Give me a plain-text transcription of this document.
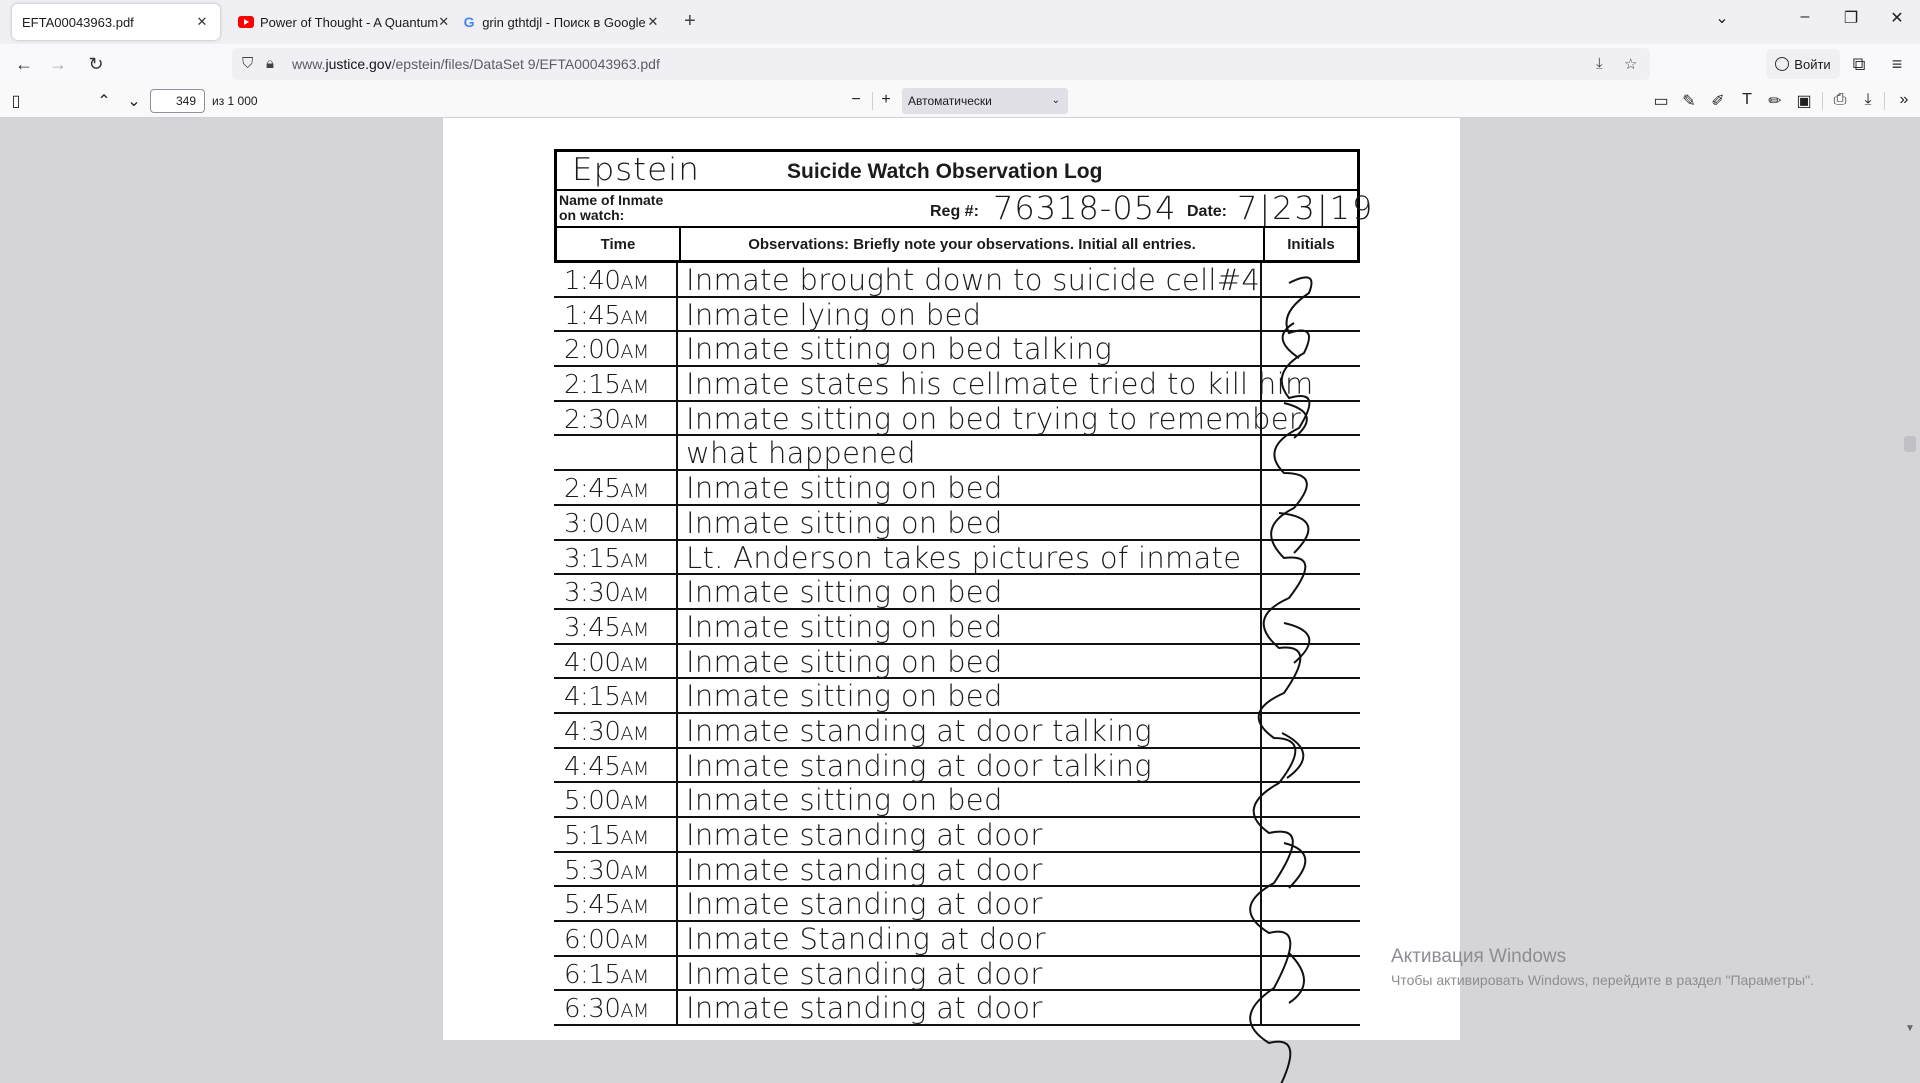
EFTA00043963.pdf	✕	Power of Thought - A Quantum ✕ G grin gthtdjl - Поиск в Google ✕ +	⌄	–	❐	✕
← → ↻	⛉ 🔒︎ www.justice.gov/epstein/files/DataSet 9/EFTA00043963.pdf	⤓ ☆	Войти	⧉	≡
▯	⌃ ⌄	349	из 1 000	−	+	Автоматически	⌄	▭ ✎ ✐	T	✏ ▣ ⎙	⤓	»
Epstein	Suicide Watch Observation Log
Name of Inmate on watch:	Reg #: 76318-054 Date: 7|23|19
Time	Observations: Briefly note your observations. Initial all entries.	Initials
1:40AM	Inmate brought down to suicide cell#4
1:45AM	Inmate lying on bed
2:00AM	Inmate sitting on bed talking
2:15AM	Inmate states his cellmate tried to kill him
2:30AM	Inmate sitting on bed trying to remember
what happened
2:45AM	Inmate sitting on bed
3:00AM	Inmate sitting on bed
3:15AM	Lt. Anderson takes pictures of inmate
3:30AM	Inmate sitting on bed
3:45AM	Inmate sitting on bed
4:00AM	Inmate sitting on bed
4:15AM	Inmate sitting on bed
4:30AM	Inmate standing at door talking
4:45AM	Inmate standing at door talking
5:00AM	Inmate sitting on bed
5:15AM	Inmate standing at door
5:30AM	Inmate standing at door
5:45AM	Inmate standing at door
6:00AM	Inmate Standing at door
6:15AM	Inmate standing at door
6:30AM	Inmate standing at door
▼
Активация Windows
Чтобы активировать Windows, перейдите в раздел "Параметры".
